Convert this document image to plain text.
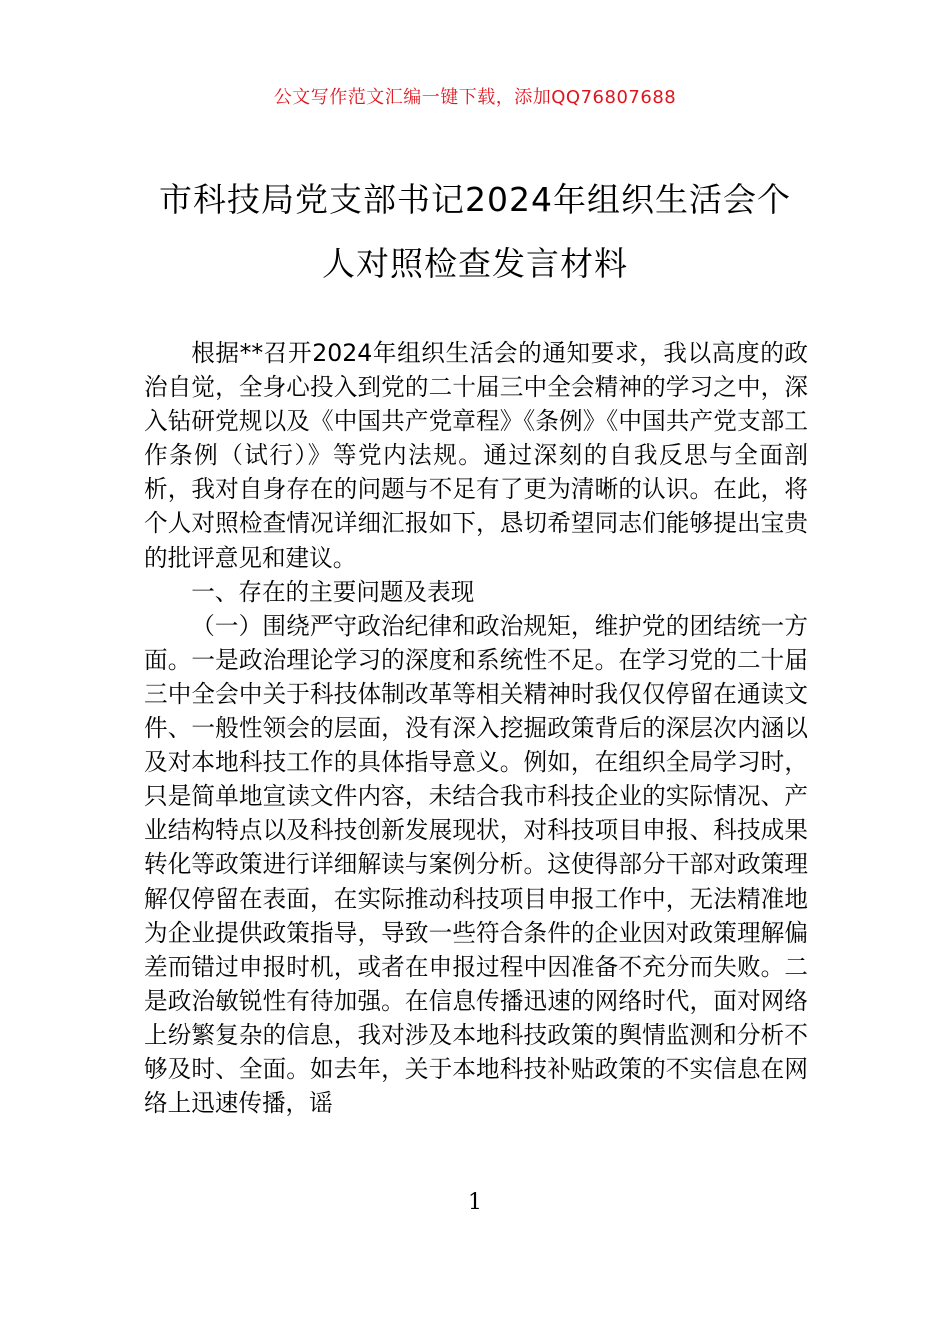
公文写作范文汇编一键下载，添加QQ76807688
市科技局党支部书记2024年组织生活会个
人对照检查发言材料

根据**召开2024年组织生活会的通知要求，我以高度的政治自觉，全身心投入到党的二十届三中全会精神的学习之中，深入钻研党规以及《中国共产党章程》《条例》《中国共产党支部工作条例（试行）》等党内法规。通过深刻的自我反思与全面剖析，我对自身存在的问题与不足有了更为清晰的认识。在此，将个人对照检查情况详细汇报如下，恳切希望同志们能够提出宝贵的批评意见和建议。

一、存在的主要问题及表现

（一）围绕严守政治纪律和政治规矩，维护党的团结统一方面。一是政治理论学习的深度和系统性不足。在学习党的二十届三中全会中关于科技体制改革等相关精神时我仅仅停留在通读文件、一般性领会的层面，没有深入挖掘政策背后的深层次内涵以及对本地科技工作的具体指导意义。例如，在组织全局学习时，只是简单地宣读文件内容，未结合我市科技企业的实际情况、产业结构特点以及科技创新发展现状，对科技项目申报、科技成果转化等政策进行详细解读与案例分析。这使得部分干部对政策理解仅停留在表面，在实际推动科技项目申报工作中，无法精准地为企业提供政策指导，导致一些符合条件的企业因对政策理解偏差而错过申报时机，或者在申报过程中因准备不充分而失败。二是政治敏锐性有待加强。在信息传播迅速的网络时代，面对网络上纷繁复杂的信息，我对涉及本地科技政策的舆情监测和分析不够及时、全面。如去年，关于本地科技补贴政策的不实信息在网络上迅速传播，谣

1
